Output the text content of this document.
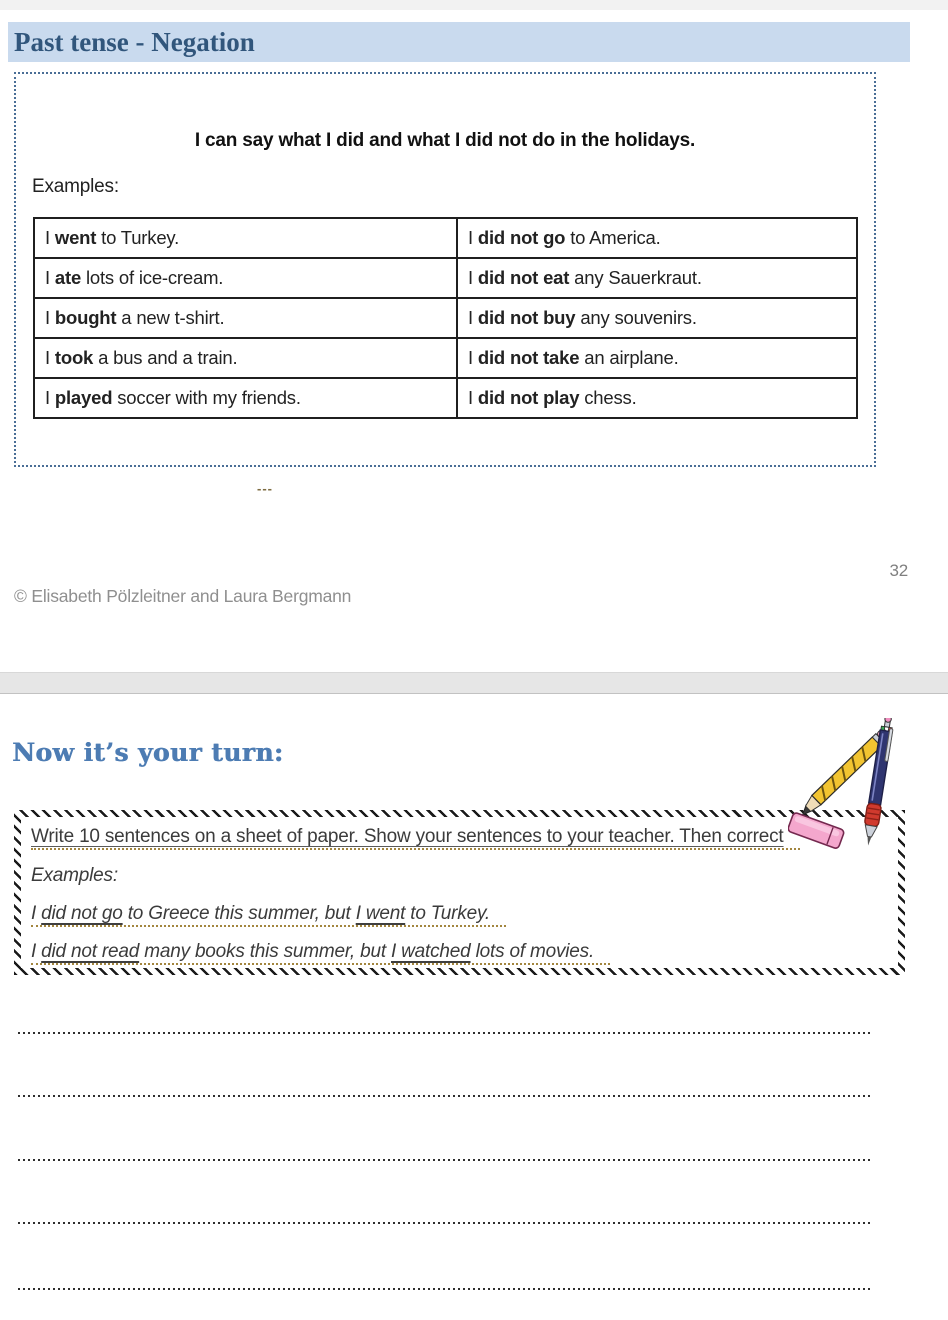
Past tense - Negation
I can say what I did and what I did not do in the holidays.
Examples:
I went to Turkey.	I did not go to America.
I ate lots of ice-cream.	I did not eat any Sauerkraut.
I bought a new t-shirt.	I did not buy any souvenirs.
I took a bus and a train.	I did not take an airplane.
I played soccer with my friends.	I did not play chess.
---
32
© Elisabeth Pölzleitner and Laura Bergmann
Now it’s your turn:

Write 10 sentences on a sheet of paper. Show your sentences to your teacher. Then correct

Examples:

I did not go to Greece this summer, but I went to Turkey.

I did not read many books this summer, but I watched lots of movies.
